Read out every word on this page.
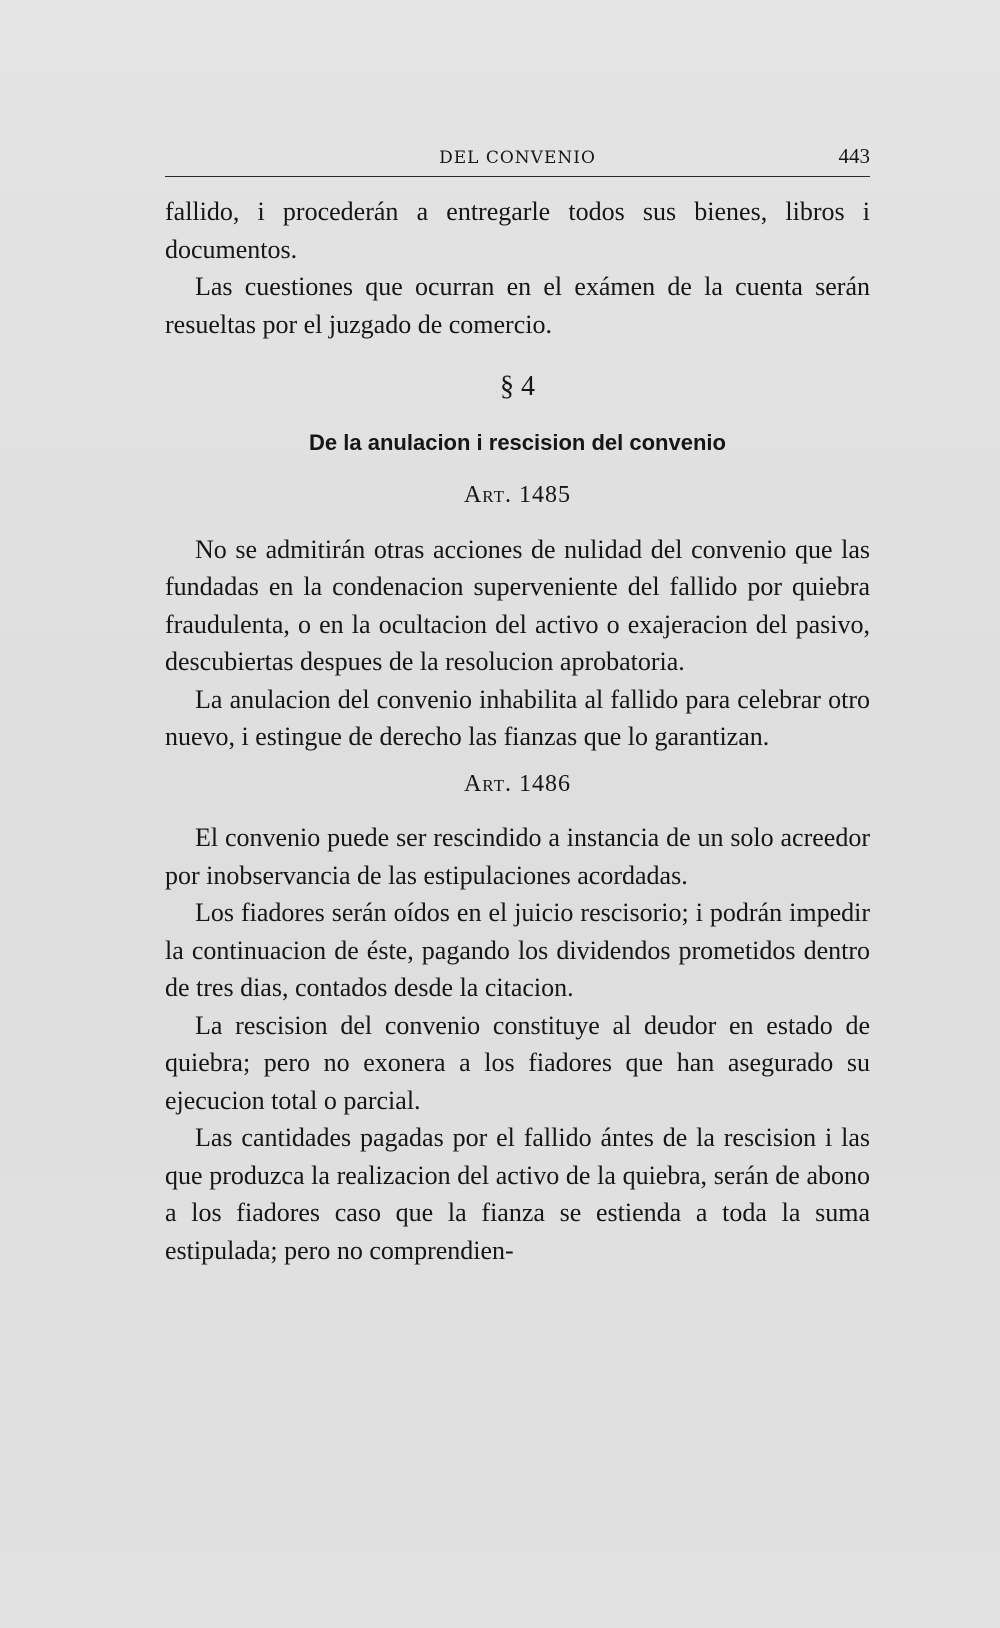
DEL CONVENIO	443

fallido, i procederán a entregarle todos sus bienes, libros i documentos.

Las cuestiones que ocurran en el exámen de la cuenta serán resueltas por el juzgado de comercio.

§ 4

De la anulacion i rescision del convenio

Art. 1485

No se admitirán otras acciones de nulidad del convenio que las fundadas en la condenacion superveniente del fallido por quiebra fraudulenta, o en la ocultacion del activo o exajeracion del pasivo, descubiertas despues de la resolucion aprobatoria.

La anulacion del convenio inhabilita al fallido para celebrar otro nuevo, i estingue de derecho las fianzas que lo garantizan.

Art. 1486

El convenio puede ser rescindido a instancia de un solo acreedor por inobservancia de las estipulaciones acordadas.

Los fiadores serán oídos en el juicio rescisorio; i podrán impedir la continuacion de éste, pagando los dividendos prometidos dentro de tres dias, contados desde la citacion.

La rescision del convenio constituye al deudor en estado de quiebra; pero no exonera a los fiadores que han asegurado su ejecucion total o parcial.

Las cantidades pagadas por el fallido ántes de la rescision i las que produzca la realizacion del activo de la quiebra, serán de abono a los fiadores caso que la fianza se estienda a toda la suma estipulada; pero no comprendien-
